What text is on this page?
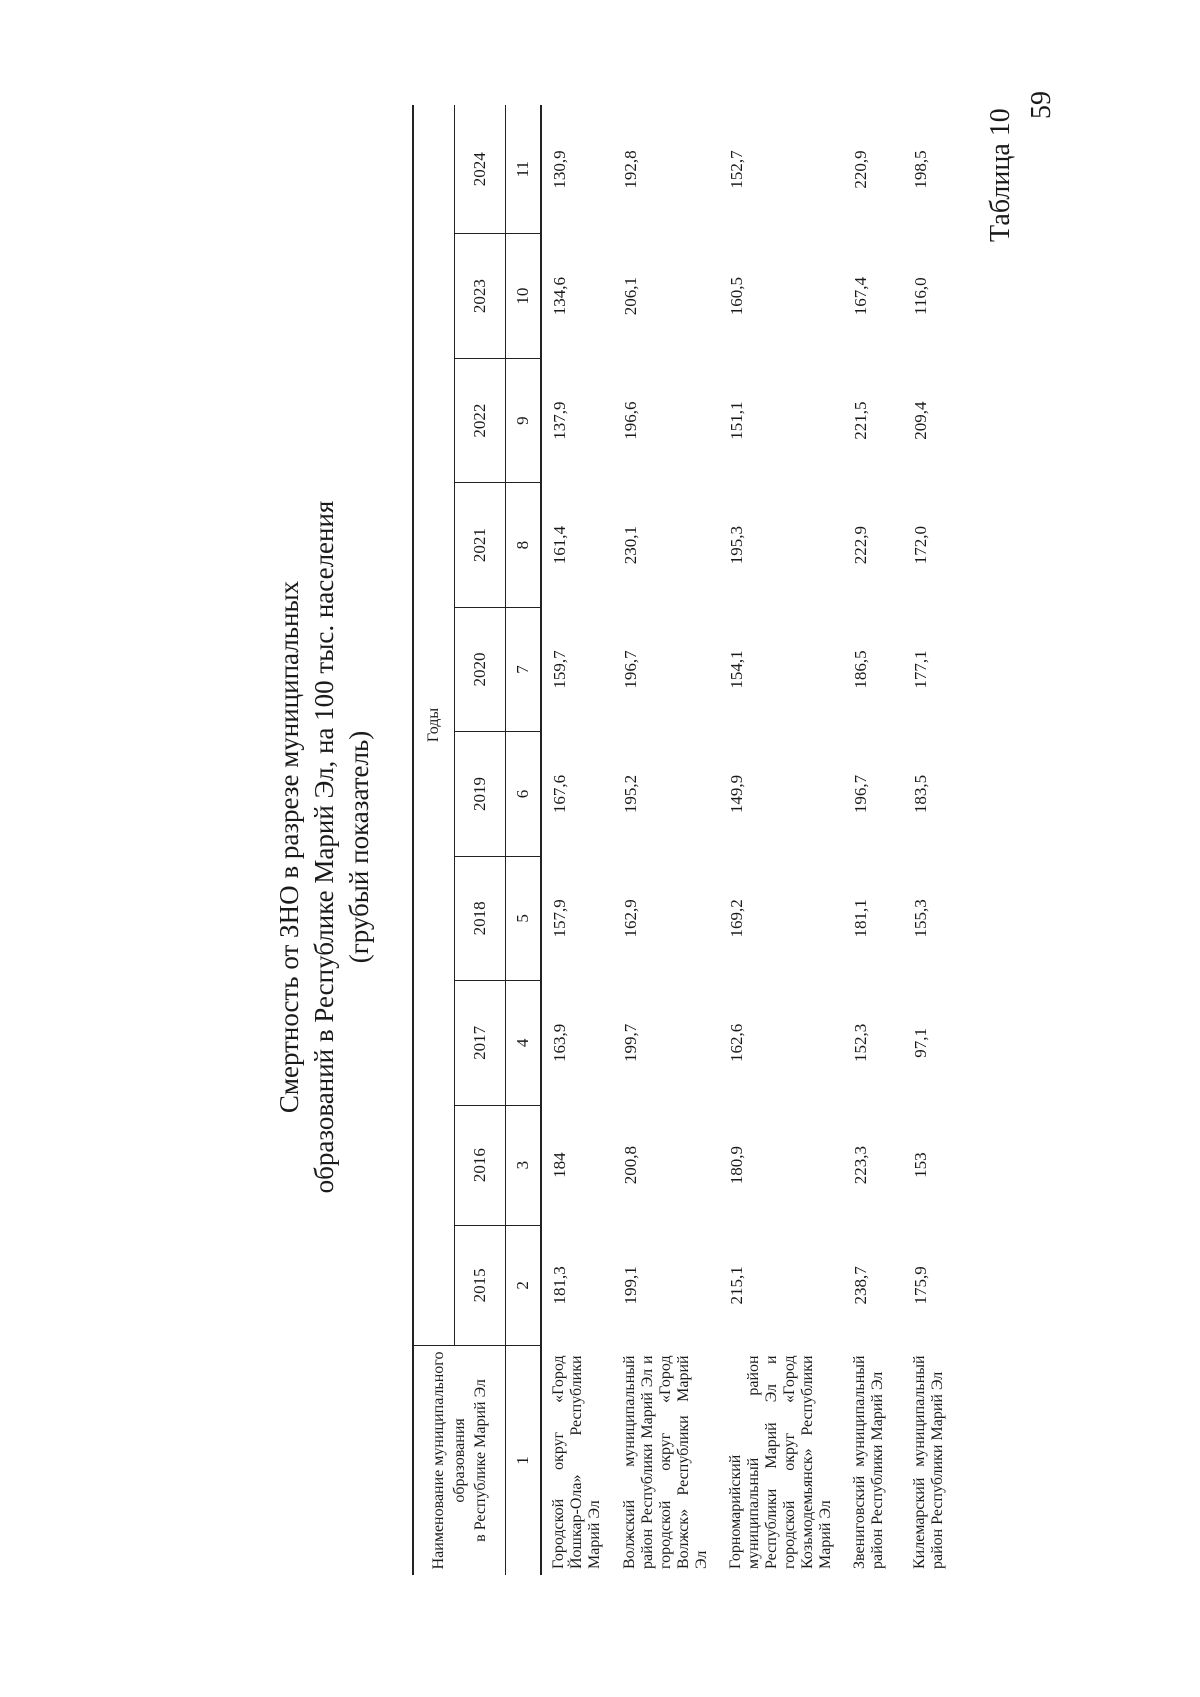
59
Таблица 10
Смертность от ЗНО в разрезе муниципальных образований в Республике Марий Эл, на 100 тыс. населения (грубый показатель)
Наименование муниципального образования в Республике Марий Эл	Годы									
	2015	2016	2017	2018	2019	2020	2021	2022	2023	2024
1	2	3	4	5	6	7	8	9	10	11
Городской округ «Город Йошкар-Ола» Республики Марий Эл	181,3	184	163,9	157,9	167,6	159,7	161,4	137,9	134,6	130,9
Волжский муниципальный район Республики Марий Эл и городской округ «Город Волжск» Республики Марий Эл	199,1	200,8	199,7	162,9	195,2	196,7	230,1	196,6	206,1	192,8
Горномарийский муниципальный район Республики Марий Эл и городской округ «Город Козьмодемьянск» Республики Марий Эл	215,1	180,9	162,6	169,2	149,9	154,1	195,3	151,1	160,5	152,7
Звениговский муниципальный район Республики Марий Эл	238,7	223,3	152,3	181,1	196,7	186,5	222,9	221,5	167,4	220,9
Килемарский муниципальный район Республики Марий Эл	175,9	153	97,1	155,3	183,5	177,1	172,0	209,4	116,0	198,5
